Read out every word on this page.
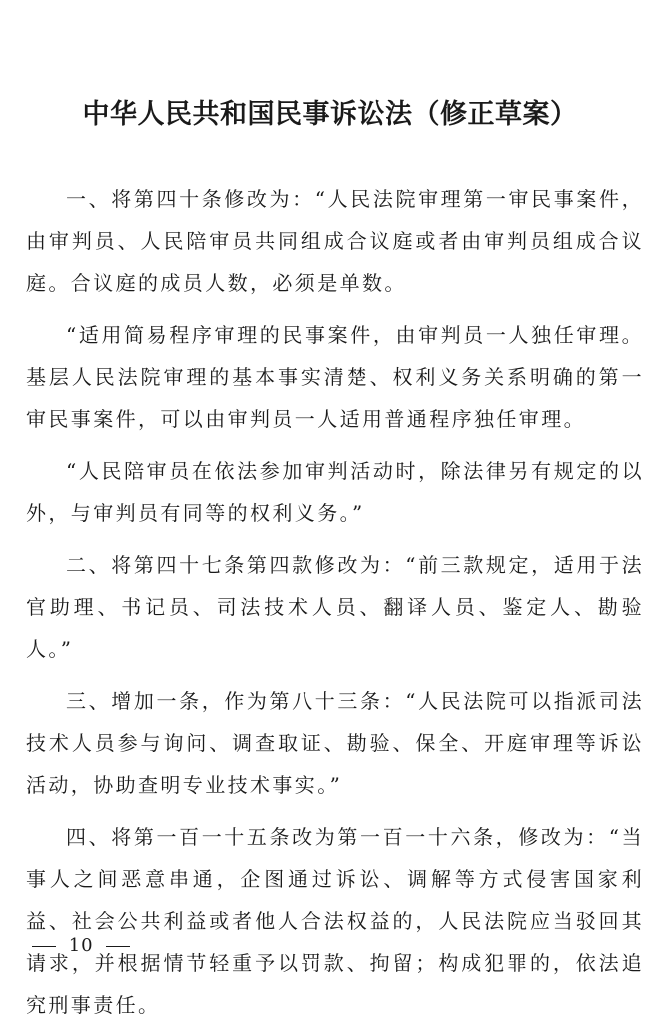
中华人民共和国民事诉讼法（修正草案）

一、将第四十条修改为：“人民法院审理第一审民事案件，由审判员、人民陪审员共同组成合议庭或者由审判员组成合议庭。合议庭的成员人数，必须是单数。

“适用简易程序审理的民事案件，由审判员一人独任审理。基层人民法院审理的基本事实清楚、权利义务关系明确的第一审民事案件，可以由审判员一人适用普通程序独任审理。

“人民陪审员在依法参加审判活动时，除法律另有规定的以外，与审判员有同等的权利义务。”

二、将第四十七条第四款修改为：“前三款规定，适用于法官助理、书记员、司法技术人员、翻译人员、鉴定人、勘验人。”

三、增加一条，作为第八十三条：“人民法院可以指派司法技术人员参与询问、调查取证、勘验、保全、开庭审理等诉讼活动，协助查明专业技术事实。”

四、将第一百一十五条改为第一百一十六条，修改为：“当事人之间恶意串通，企图通过诉讼、调解等方式侵害国家利益、社会公共利益或者他人合法权益的，人民法院应当驳回其请求，并根据情节轻重予以罚款、拘留；构成犯罪的，依法追究刑事责任。

10
